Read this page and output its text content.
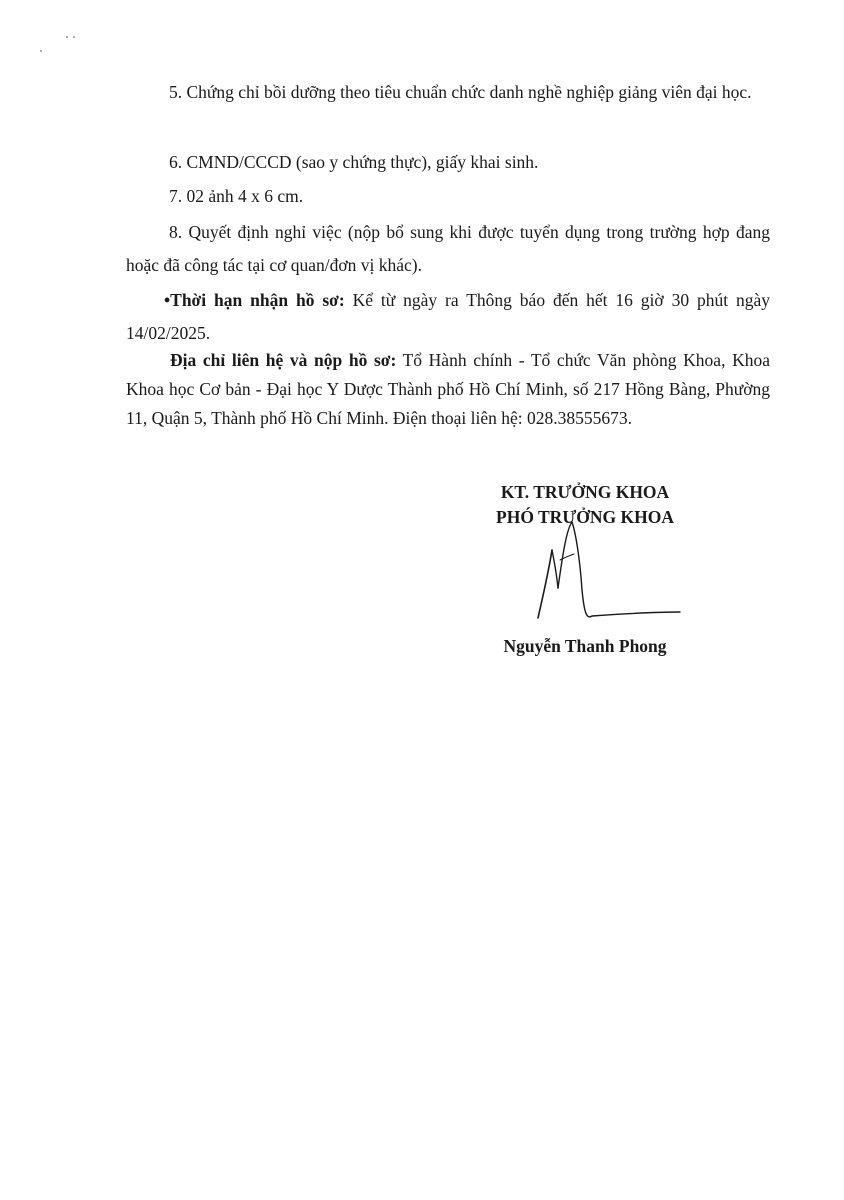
5. Chứng chỉ bồi dưỡng theo tiêu chuẩn chức danh nghề nghiệp giảng viên đại học.

6. CMND/CCCD (sao y chứng thực), giấy khai sinh.

7. 02 ảnh 4 x 6 cm.

8. Quyết định nghỉ việc (nộp bổ sung khi được tuyển dụng trong trường hợp đang hoặc đã công tác tại cơ quan/đơn vị khác).

•Thời hạn nhận hồ sơ: Kể từ ngày ra Thông báo đến hết 16 giờ 30 phút ngày 14/02/2025.

Địa chỉ liên hệ và nộp hồ sơ: Tổ Hành chính - Tổ chức Văn phòng Khoa, Khoa Khoa học Cơ bản - Đại học Y Dược Thành phố Hồ Chí Minh, số 217 Hồng Bàng, Phường 11, Quận 5, Thành phố Hồ Chí Minh. Điện thoại liên hệ: 028.38555673.

KT. TRƯỞNG KHOA
PHÓ TRƯỞNG KHOA
Nguyễn Thanh Phong
